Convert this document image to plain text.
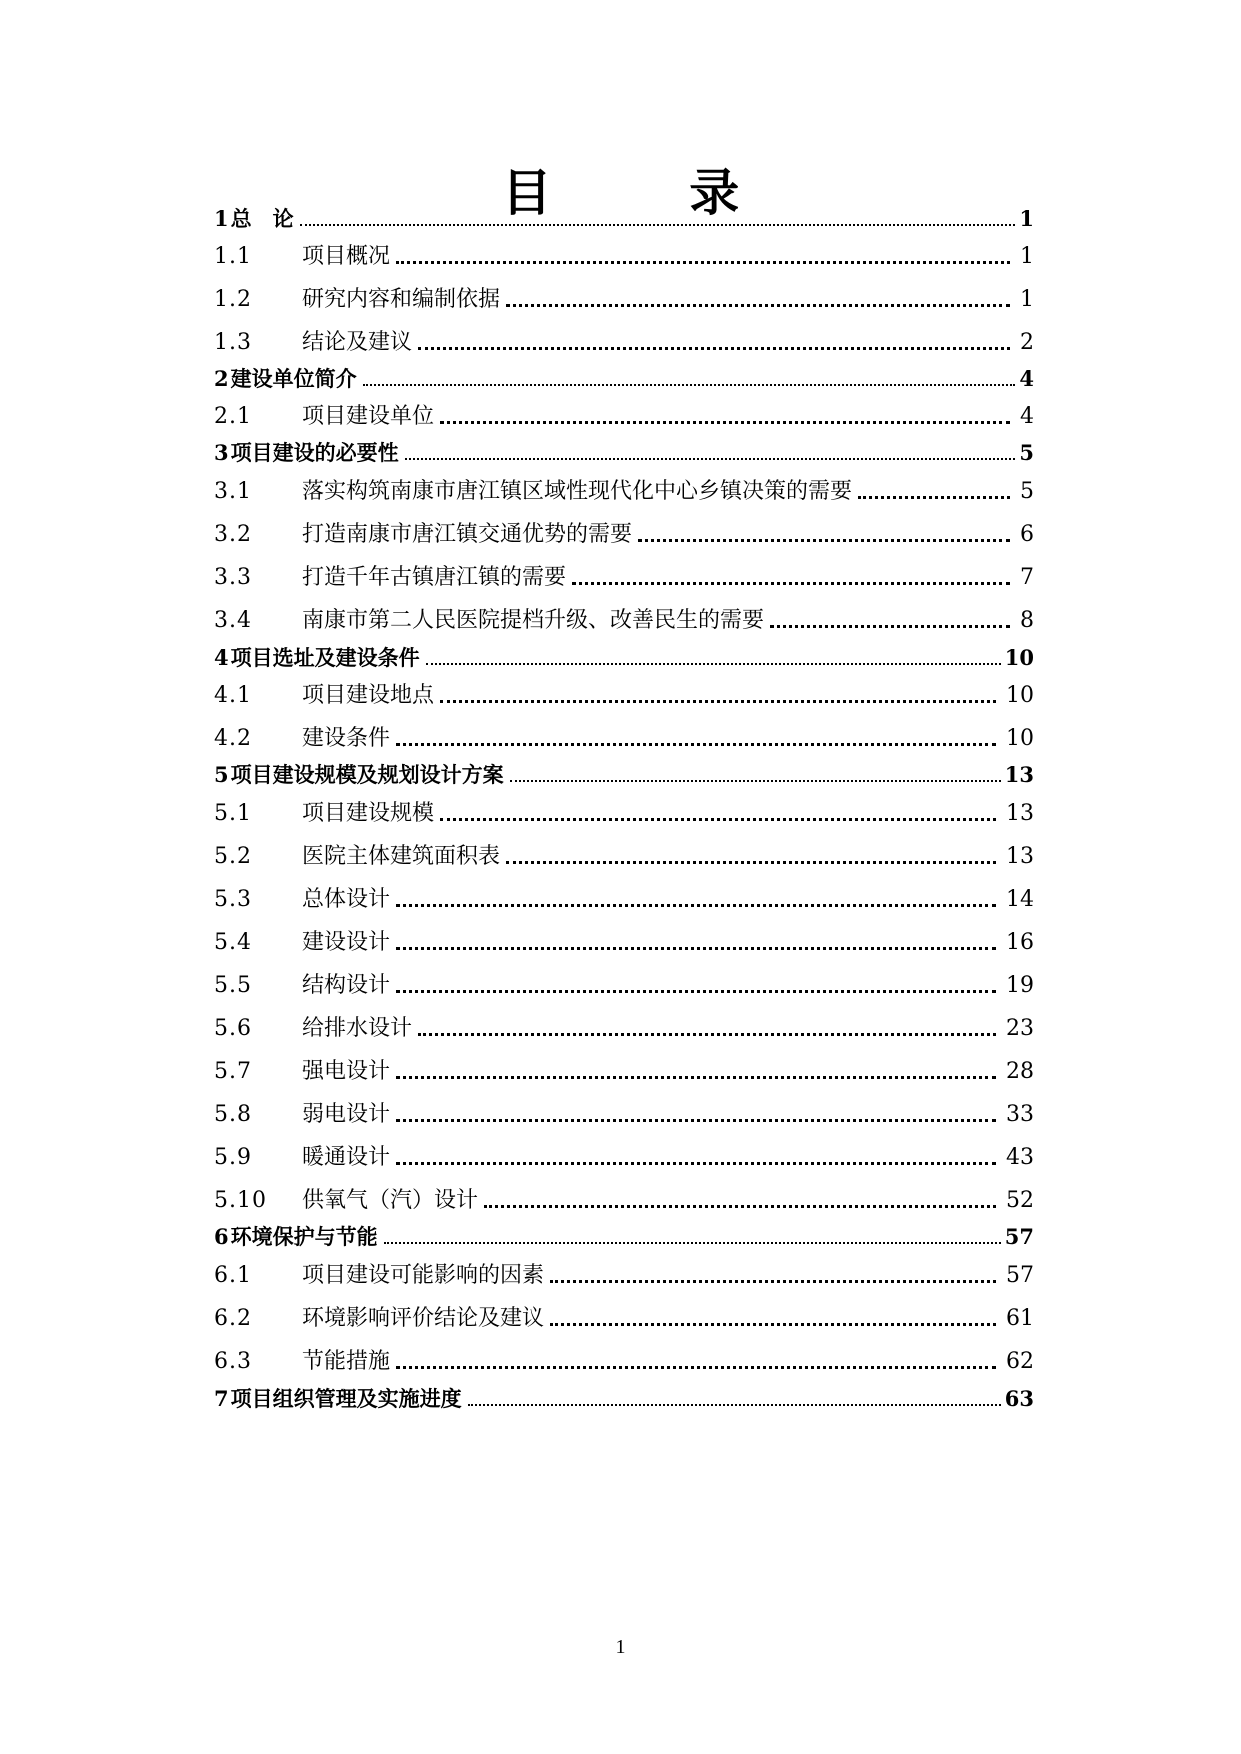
目 录
1 总　论	1
1.1	项目概况	1
1.2	研究内容和编制依据	1
1.3	结论及建议	2
2 建设单位简介	4
2.1	项目建设单位	4
3 项目建设的必要性	5
3.1	落实构筑南康市唐江镇区域性现代化中心乡镇决策的需要	5
3.2	打造南康市唐江镇交通优势的需要	6
3.3	打造千年古镇唐江镇的需要	7
3.4	南康市第二人民医院提档升级、改善民生的需要	8
4 项目选址及建设条件	10
4.1	项目建设地点	10
4.2	建设条件	10
5 项目建设规模及规划设计方案	13
5.1	项目建设规模	13
5.2	医院主体建筑面积表	13
5.3	总体设计	14
5.4	建设设计	16
5.5	结构设计	19
5.6	给排水设计	23
5.7	强电设计	28
5.8	弱电设计	33
5.9	暖通设计	43
5.10	供氧气（汽）设计	52
6 环境保护与节能	57
6.1	项目建设可能影响的因素	57
6.2	环境影响评价结论及建议	61
6.3	节能措施	62
7 项目组织管理及实施进度	63
1
